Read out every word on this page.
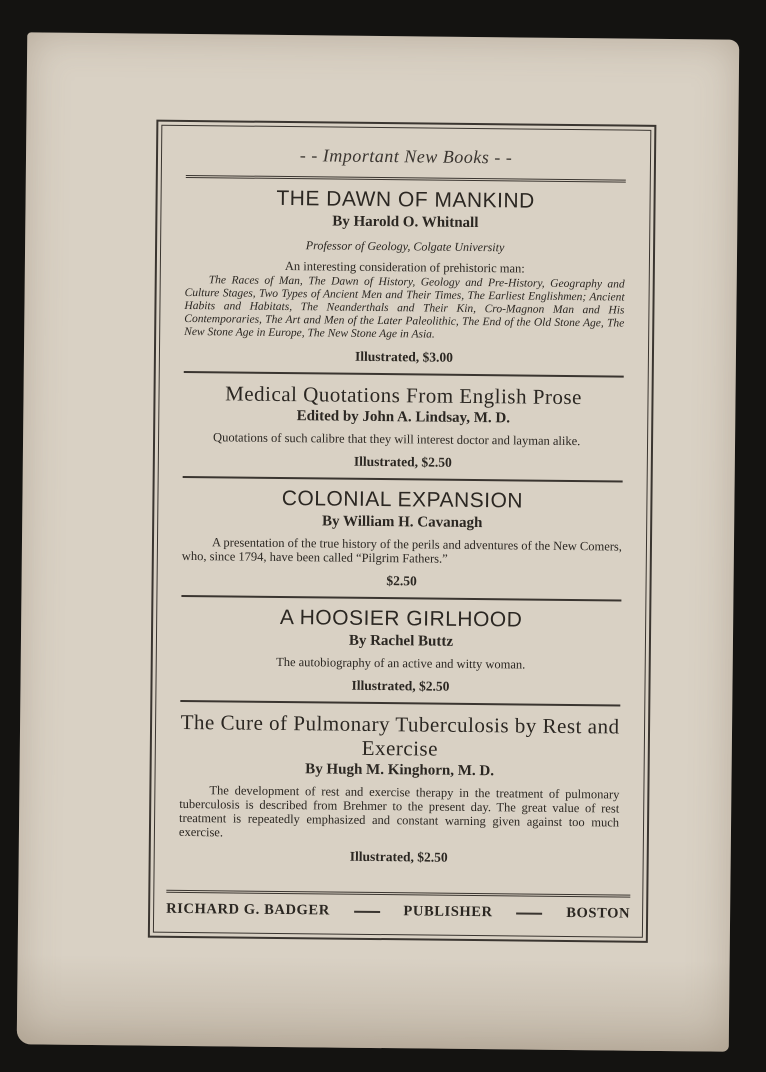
- - Important New Books - -
THE DAWN OF MANKIND
By Harold O. Whitnall
Professor of Geology, Colgate University
An interesting consideration of prehistoric man:
The Races of Man, The Dawn of History, Geology and Pre-History, Geography and Culture Stages, Two Types of Ancient Men and Their Times, The Earliest Englishmen; Ancient Habits and Habitats, The Neanderthals and Their Kin, Cro-Magnon Man and His Contemporaries, The Art and Men of the Later Paleolithic, The End of the Old Stone Age, The New Stone Age in Europe, The New Stone Age in Asia.
Illustrated, $3.00
Medical Quotations From English Prose
Edited by John A. Lindsay, M. D.
Quotations of such calibre that they will interest doctor and layman alike.
Illustrated, $2.50
COLONIAL EXPANSION
By William H. Cavanagh
A presentation of the true history of the perils and adventures of the New Comers, who, since 1794, have been called “Pilgrim Fathers.”
$2.50
A HOOSIER GIRLHOOD
By Rachel Buttz
The autobiography of an active and witty woman.
Illustrated, $2.50
The Cure of Pulmonary Tuberculosis by Rest and Exercise
By Hugh M. Kinghorn, M. D.
The development of rest and exercise therapy in the treatment of pulmonary tuberculosis is described from Brehmer to the present day. The great value of rest treatment is repeatedly emphasized and constant warning given against too much exercise.
Illustrated, $2.50
RICHARD G. BADGER	PUBLISHER	BOSTON
